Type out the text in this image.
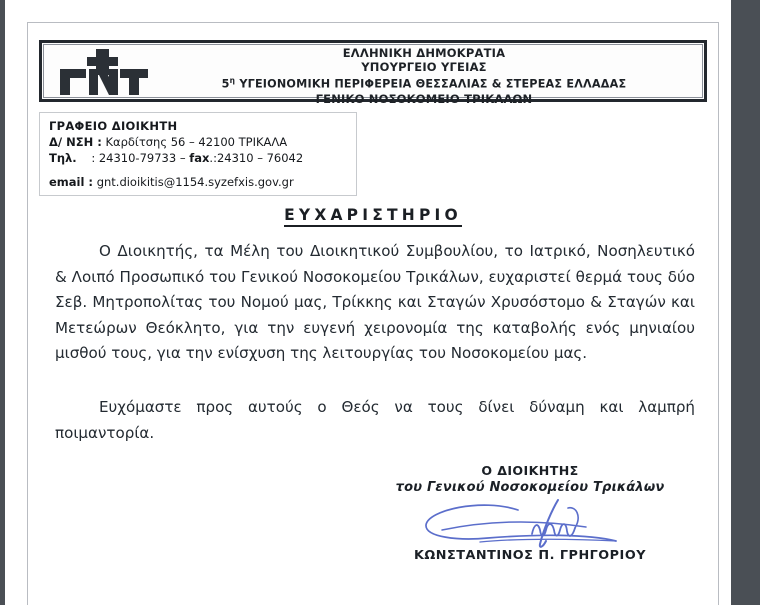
ΕΛΛΗΝΙΚΗ ΔΗΜΟΚΡΑΤΙΑ
ΥΠΟΥΡΓΕΙΟ ΥΓΕΙΑΣ
$5^\eta$ ΥΓΕΙΟΝΟΜΙΚΗ ΠΕΡΙΦΕΡΕΙΑ ΘΕΣΣΑΛΙΑΣ & ΣΤΕΡΕΑΣ ΕΛΛΑΔΑΣ
ΓΕΝΙΚΟ ΝΟΣΟΚΟΜΕΙΟ ΤΡΙΚΑΛΩΝ
ΓΡΑΦΕΙΟ ΔΙΟΙΚΗΤΗ
Δ/ ΝΣΗ : Καρδίτσης 56 – 42100 ΤΡΙΚΑΛΑ
Τηλ. : 24310-79733 – fax.:24310 – 76042
email : gnt.dioikitis@1154.syzefxis.gov.gr
ΕΥΧΑΡΙΣΤΗΡΙΟ

Ο Διοικητής, τα Μέλη του Διοικητικού Συμβουλίου, το Ιατρικό, Νοσηλευτικό & Λοιπό Προσωπικό του Γενικού Νοσοκομείου Τρικάλων, ευχαριστεί θερμά τους δύο Σεβ. Μητροπολίτας του Νομού μας, Τρίκκης και Σταγών Χρυσόστομο & Σταγών και Μετεώρων Θεόκλητο, για την ευγενή χειρονομία της καταβολής ενός μηνιαίου μισθού τους, για την ενίσχυση της λειτουργίας του Νοσοκομείου μας.

Ευχόμαστε προς αυτούς ο Θεός να τους δίνει δύναμη και λαμπρή ποιμαντορία.

Ο ΔΙΟΙΚΗΤΗΣ
του Γενικού Νοσοκομείου Τρικάλων
ΚΩΝΣΤΑΝΤΙΝΟΣ Π. ΓΡΗΓΟΡΙΟΥ
